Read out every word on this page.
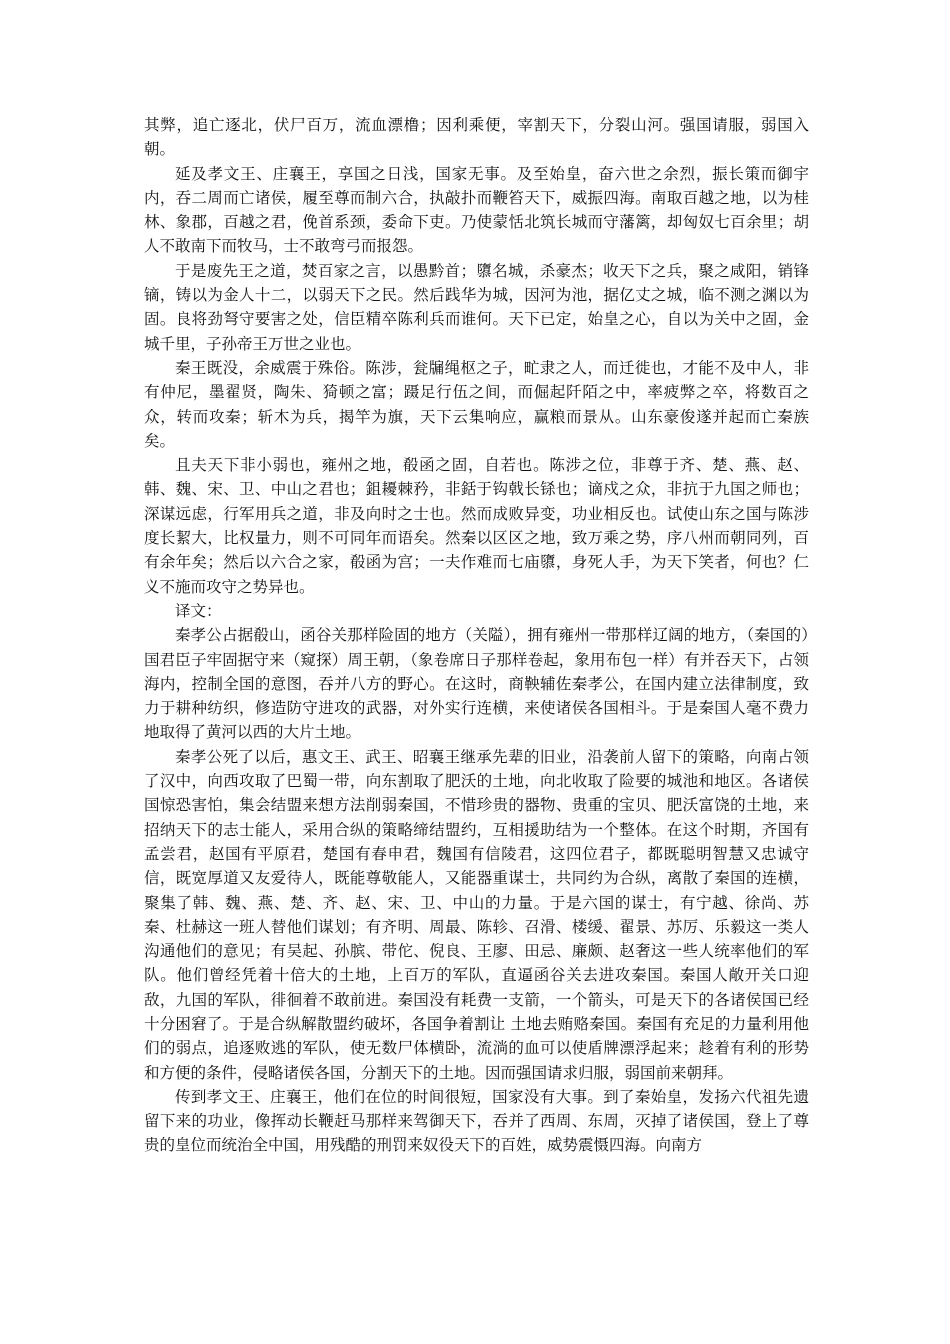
其弊，追亡逐北，伏尸百万，流血漂橹；因利乘便，宰割天下，分裂山河。强国请服，弱国入朝。

延及孝文王、庄襄王，享国之日浅，国家无事。及至始皇，奋六世之余烈，振长策而御宇内，吞二周而亡诸侯，履至尊而制六合，执敲扑而鞭笞天下，威振四海。南取百越之地，以为桂林、象郡，百越之君，俛首系颈，委命下吏。乃使蒙恬北筑长城而守藩篱，却匈奴七百余里；胡人不敢南下而牧马，士不敢弯弓而报怨。

于是废先王之道，焚百家之言，以愚黔首；隳名城，杀豪杰；收天下之兵，聚之咸阳，销锋镝，铸以为金人十二，以弱天下之民。然后践华为城，因河为池，据亿丈之城，临不测之渊以为固。良将劲弩守要害之处，信臣精卒陈利兵而谁何。天下已定，始皇之心，自以为关中之固，金城千里，子孙帝王万世之业也。

秦王既没，余威震于殊俗。陈涉，瓮牖绳枢之子，甿隶之人，而迁徙也，才能不及中人，非有仲尼，墨翟贤，陶朱、猗顿之富；蹑足行伍之间，而倔起阡陌之中，率疲弊之卒，将数百之众，转而攻秦；斩木为兵，揭竿为旗，天下云集响应，赢粮而景从。山东豪俊遂并起而亡秦族矣。

且夫天下非小弱也，雍州之地，殽函之固，自若也。陈涉之位，非尊于齐、楚、燕、赵、韩、魏、宋、卫、中山之君也；鉏耰棘矜，非銛于钩戟长铩也；谪戍之众，非抗于九国之师也；深谋远虑，行军用兵之道，非及向时之士也。然而成败异变，功业相反也。试使山东之国与陈涉度长絜大，比权量力，则不可同年而语矣。然秦以区区之地，致万乘之势，序八州而朝同列，百有余年矣；然后以六合之家，殽函为宫；一夫作难而七庙隳，身死人手，为天下笑者，何也？仁义不施而攻守之势异也。

译文：

秦孝公占据殽山，函谷关那样险固的地方（关隘），拥有雍州一带那样辽阔的地方，（秦国的）国君臣子牢固据守来（窥探）周王朝，（象卷席日子那样卷起，象用布包一样）有并吞天下，占领海内，控制全国的意图，吞并八方的野心。在这时，商鞅辅佐秦孝公，在国内建立法律制度，致力于耕种纺织，修造防守进攻的武器，对外实行连横，来使诸侯各国相斗。于是秦国人毫不费力地取得了黄河以西的大片土地。

秦孝公死了以后，惠文王、武王、昭襄王继承先辈的旧业，沿袭前人留下的策略，向南占领了汉中，向西攻取了巴蜀一带，向东割取了肥沃的土地，向北收取了险要的城池和地区。各诸侯国惊恐害怕，集会结盟来想方法削弱秦国，不惜珍贵的器物、贵重的宝贝、肥沃富饶的土地，来招纳天下的志士能人，采用合纵的策略缔结盟约，互相援助结为一个整体。在这个时期，齐国有孟尝君，赵国有平原君，楚国有春申君，魏国有信陵君，这四位君子，都既聪明智慧又忠诚守信，既宽厚道又友爱待人，既能尊敬能人，又能器重谋士，共同约为合纵，离散了秦国的连横，聚集了韩、魏、燕、楚、齐、赵、宋、卫、中山的力量。于是六国的谋士，有宁越、徐尚、苏秦、杜赫这一班人替他们谋划；有齐明、周最、陈轸、召滑、楼缓、翟景、苏厉、乐毅这一类人沟通他们的意见；有吴起、孙膑、带佗、倪良、王廖、田忌、廉颇、赵奢这一些人统率他们的军队。他们曾经凭着十倍大的土地，上百万的军队，直逼函谷关去进攻秦国。秦国人敞开关口迎敌，九国的军队，徘徊着不敢前进。秦国没有耗费一支箭，一个箭头，可是天下的各诸侯国已经十分困窘了。于是合纵解散盟约破坏，各国争着割让 土地去贿赂秦国。秦国有充足的力量利用他们的弱点，追逐败逃的军队，使无数尸体横卧，流淌的血可以使盾牌漂浮起来；趁着有利的形势和方便的条件，侵略诸侯各国，分割天下的土地。因而强国请求归服，弱国前来朝拜。

传到孝文王、庄襄王，他们在位的时间很短，国家没有大事。到了秦始皇，发扬六代祖先遗留下来的功业，像挥动长鞭赶马那样来驾御天下，吞并了西周、东周，灭掉了诸侯国，登上了尊贵的皇位而统治全中国，用残酷的刑罚来奴役天下的百姓，威势震慑四海。向南方
